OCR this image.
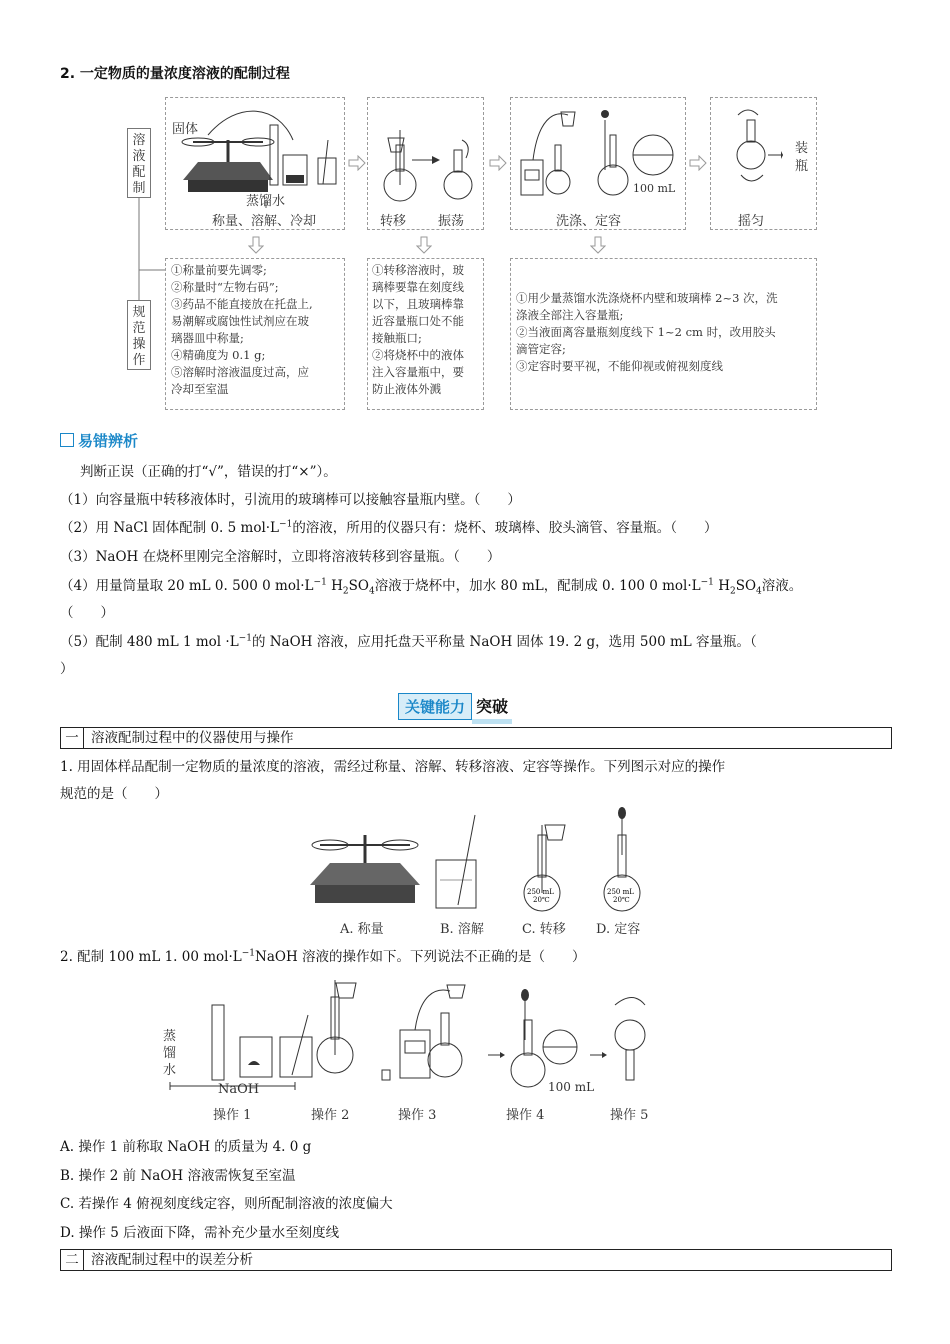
2. 一定物质的量浓度溶液的配制过程
溶
液
配
制
规
范
操
作
固体
蒸馏水
称量、溶解、冷却	转移 振荡
100 mL
洗涤、定容
装
瓶
摇匀
①称量前要先调零;
②称量时“左物右码”;
③药品不能直接放在托盘上,
易潮解或腐蚀性试剂应在玻
璃器皿中称量;
④精确度为 0.1 g;
⑤溶解时溶液温度过高，应
冷却至室温
①转移溶液时，玻
璃棒要靠在刻度线
以下，且玻璃棒靠
近容量瓶口处不能
接触瓶口;
②将烧杯中的液体
注入容量瓶中，要
防止液体外溅
①用少量蒸馏水洗涤烧杯内壁和玻璃棒 2~3 次，洗
涤液全部注入容量瓶;
②当液面离容量瓶刻度线下 1~2 cm 时，改用胶头
滴管定容;
③定容时要平视，不能仰视或俯视刻度线
易错辨析
判断正误（正确的打“√”，错误的打“×”）。
（1）向容量瓶中转移液体时，引流用的玻璃棒可以接触容量瓶内壁。（　　）
（2）用 NaCl 固体配制 0. 5 $mol\cdot L^{-1}$的溶液，所用的仪器只有：烧杯、玻璃棒、胶头滴管、容量瓶。（　　）
（3）NaOH 在烧杯里刚完全溶解时，立即将溶液转移到容量瓶。（　　）
（4）用量筒量取 20 mL 0. 500 0 $mol\cdot L^{-1}$ $H_2SO_4$溶液于烧杯中，加水 80 mL，配制成 0. 100 0 $mol\cdot L^{-1}$ $H_2SO_4$溶液。
（　　）
（5）配制 480 mL 1 mol $\cdot L^{-1}$的 NaOH 溶液，应用托盘天平称量 NaOH 固体 19. 2 g，选用 500 mL 容量瓶。（
）
关键能力 突破
一 溶液配制过程中的仪器使用与操作
1. 用固体样品配制一定物质的量浓度的溶液，需经过称量、溶解、转移溶液、定容等操作。下列图示对应的操作
规范的是（　　）
250 mL
20℃
250 mL
20℃
A. 称量	B. 溶解	C. 转移 D. 定容
2. 配制 100 mL 1. 00 $mol\cdot L^{-1}NaOH$ 溶液的操作如下。下列说法不正确的是（　　）
蒸
馏
水
NaOH	100 mL
操作 1	操作 2	操作 3	操作 4	操作 5
A. 操作 1 前称取 NaOH 的质量为 4. 0 g
B. 操作 2 前 NaOH 溶液需恢复至室温
C. 若操作 4 俯视刻度线定容，则所配制溶液的浓度偏大
D. 操作 5 后液面下降，需补充少量水至刻度线
二 溶液配制过程中的误差分析
